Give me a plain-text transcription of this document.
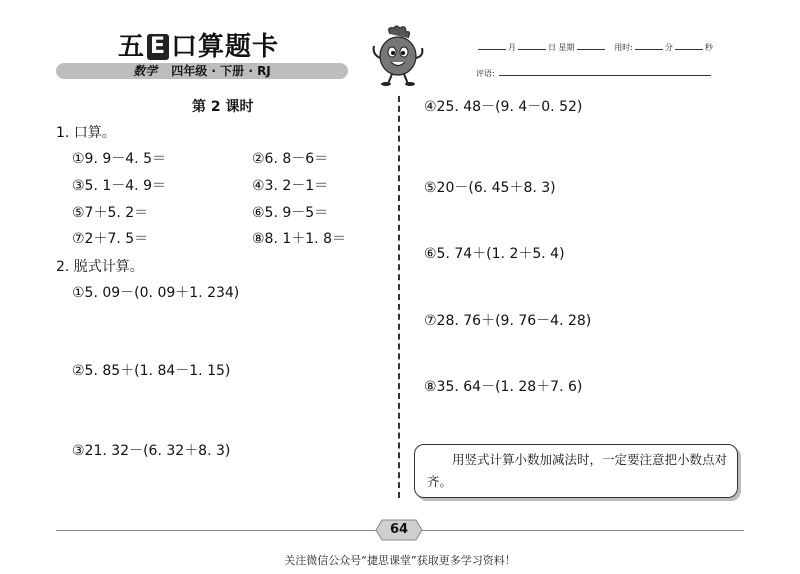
五 E 口算题卡
数学 四年级 · 下册 · RJ
月	日 星期	用时:	分	秒
评语:
第 2 课时
1. 口算。
①9. 9－4. 5＝	②6. 8－6＝
③5. 1－4. 9＝	④3. 2－1＝
⑤7＋5. 2＝	⑥5. 9－5＝
⑦2＋7. 5＝	⑧8. 1＋1. 8＝
2. 脱式计算。
①5. 09－(0. 09＋1. 234)
②5. 85＋(1. 84－1. 15)
③21. 32－(6. 32＋8. 3)
④25. 48－(9. 4－0. 52)
⑤20－(6. 45＋8. 3)
⑥5. 74＋(1. 2＋5. 4)
⑦28. 76＋(9. 76－4. 28)
⑧35. 64－(1. 28＋7. 6)
用竖式计算小数加减法时，一定要注意把小数点对齐。
64
关注微信公众号“捷思课堂”获取更多学习资料！
